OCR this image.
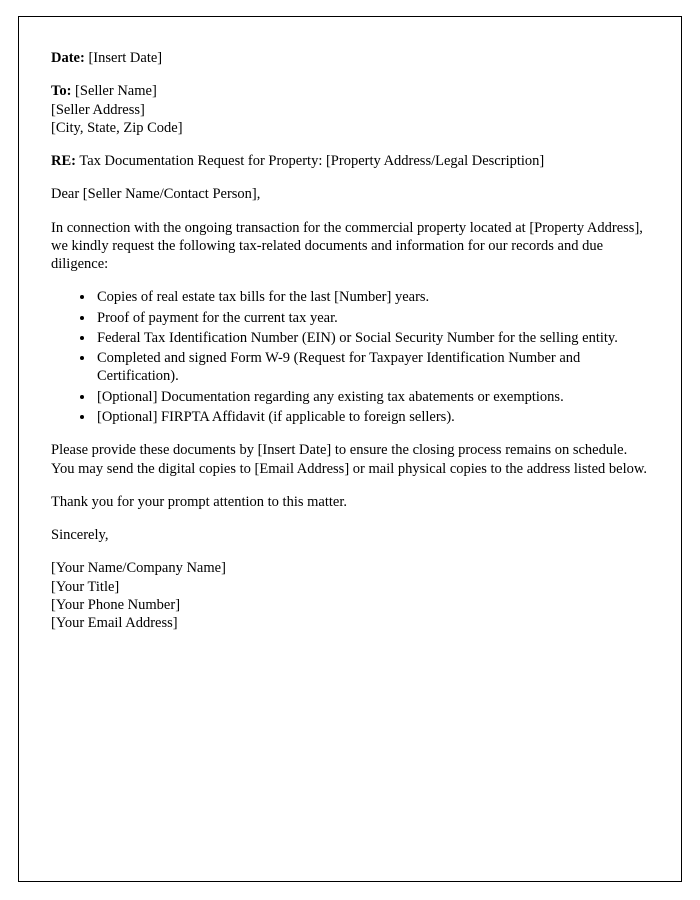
Date: [Insert Date]

To: [Seller Name]

[Seller Address]

[City, State, Zip Code]

RE: Tax Documentation Request for Property: [Property Address/Legal Description]

Dear [Seller Name/Contact Person],

In connection with the ongoing transaction for the commercial property located at [Property Address], we kindly request the following tax-related documents and information for our records and due diligence:

• Copies of real estate tax bills for the last [Number] years.
• Proof of payment for the current tax year.
• Federal Tax Identification Number (EIN) or Social Security Number for the selling entity.
• Completed and signed Form W-9 (Request for Taxpayer Identification Number and Certification).
• [Optional] Documentation regarding any existing tax abatements or exemptions.
• [Optional] FIRPTA Affidavit (if applicable to foreign sellers).

Please provide these documents by [Insert Date] to ensure the closing process remains on schedule. You may send the digital copies to [Email Address] or mail physical copies to the address listed below.

Thank you for your prompt attention to this matter.

Sincerely,

[Your Name/Company Name]

[Your Title]

[Your Phone Number]

[Your Email Address]
